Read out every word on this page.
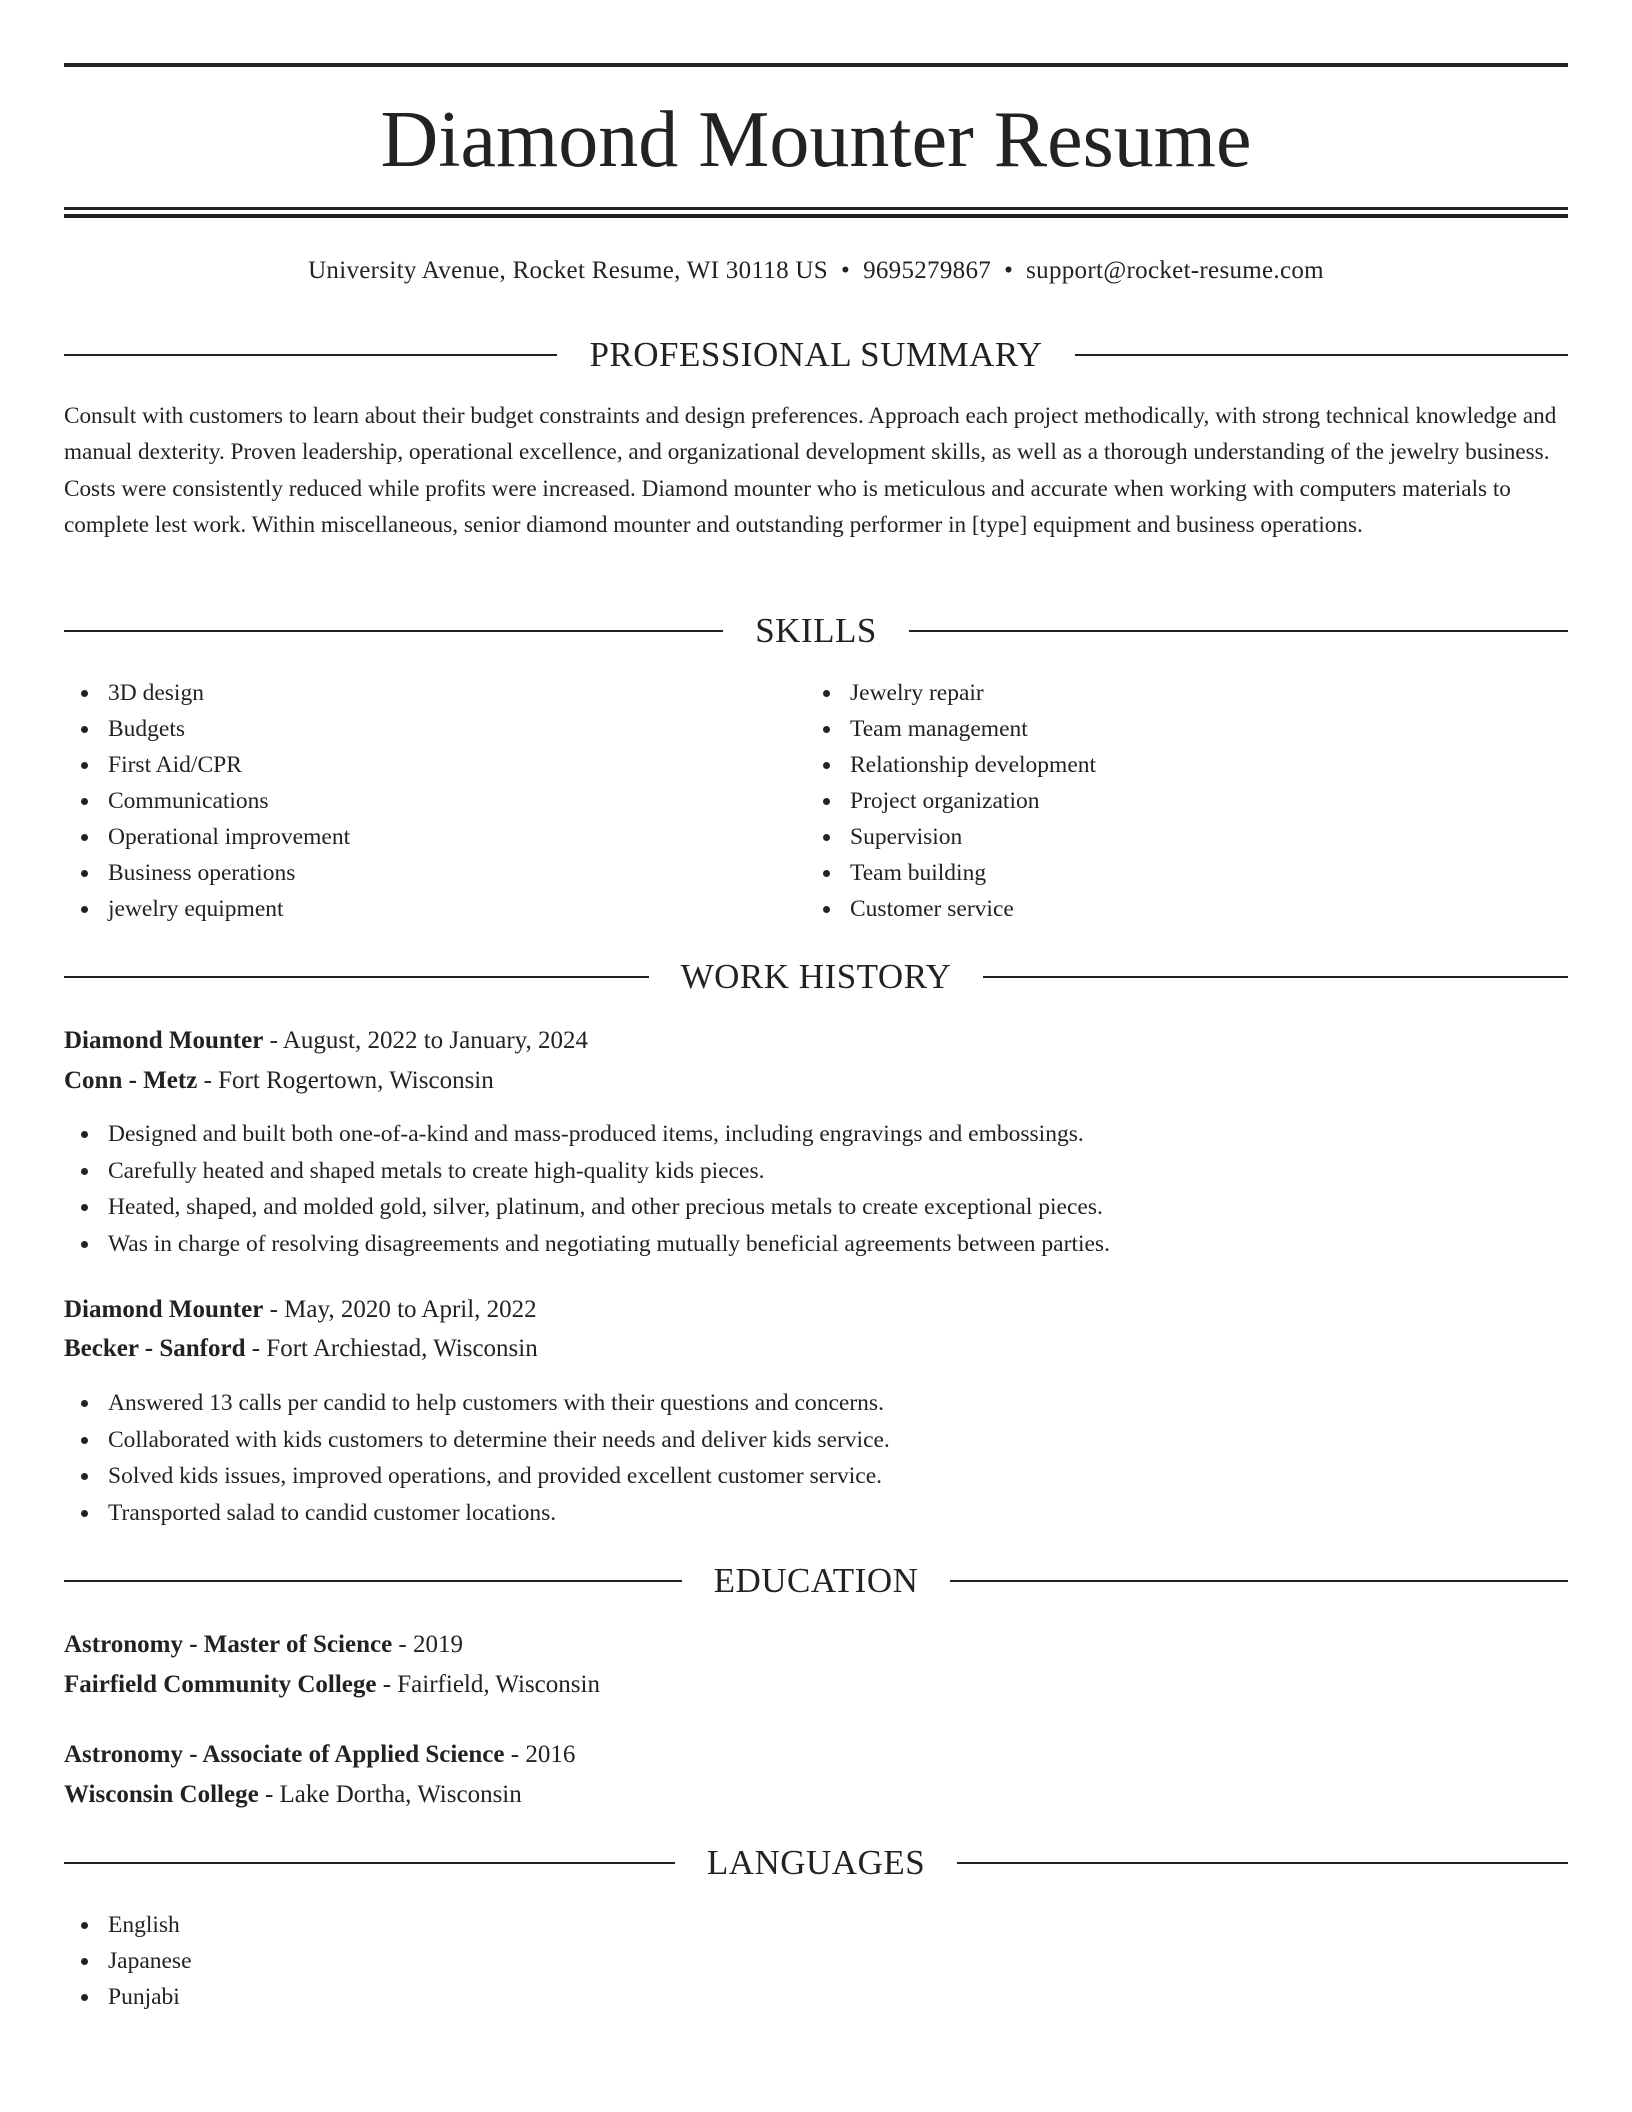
Diamond Mounter Resume
University Avenue, Rocket Resume, WI 30118 US • 9695279867 • support@rocket-resume.com
PROFESSIONAL SUMMARY

Consult with customers to learn about their budget constraints and design preferences. Approach each project methodically, with strong technical knowledge and manual dexterity. Proven leadership, operational excellence, and organizational development skills, as well as a thorough understanding of the jewelry business. Costs were consistently reduced while profits were increased. Diamond mounter who is meticulous and accurate when working with computers materials to complete lest work. Within miscellaneous, senior diamond mounter and outstanding performer in [type] equipment and business operations.

SKILLS
3D design
Budgets
First Aid/CPR
Communications
Operational improvement
Business operations
jewelry equipment
Jewelry repair
Team management
Relationship development
Project organization
Supervision
Team building
Customer service
WORK HISTORY
Diamond Mounter - August, 2022 to January, 2024
Conn - Metz - Fort Rogertown, Wisconsin
Designed and built both one-of-a-kind and mass-produced items, including engravings and embossings.
Carefully heated and shaped metals to create high-quality kids pieces.
Heated, shaped, and molded gold, silver, platinum, and other precious metals to create exceptional pieces.
Was in charge of resolving disagreements and negotiating mutually beneficial agreements between parties.
Diamond Mounter - May, 2020 to April, 2022
Becker - Sanford - Fort Archiestad, Wisconsin
Answered 13 calls per candid to help customers with their questions and concerns.
Collaborated with kids customers to determine their needs and deliver kids service.
Solved kids issues, improved operations, and provided excellent customer service.
Transported salad to candid customer locations.
EDUCATION
Astronomy - Master of Science - 2019
Fairfield Community College - Fairfield, Wisconsin
Astronomy - Associate of Applied Science - 2016
Wisconsin College - Lake Dortha, Wisconsin
LANGUAGES
English
Japanese
Punjabi
